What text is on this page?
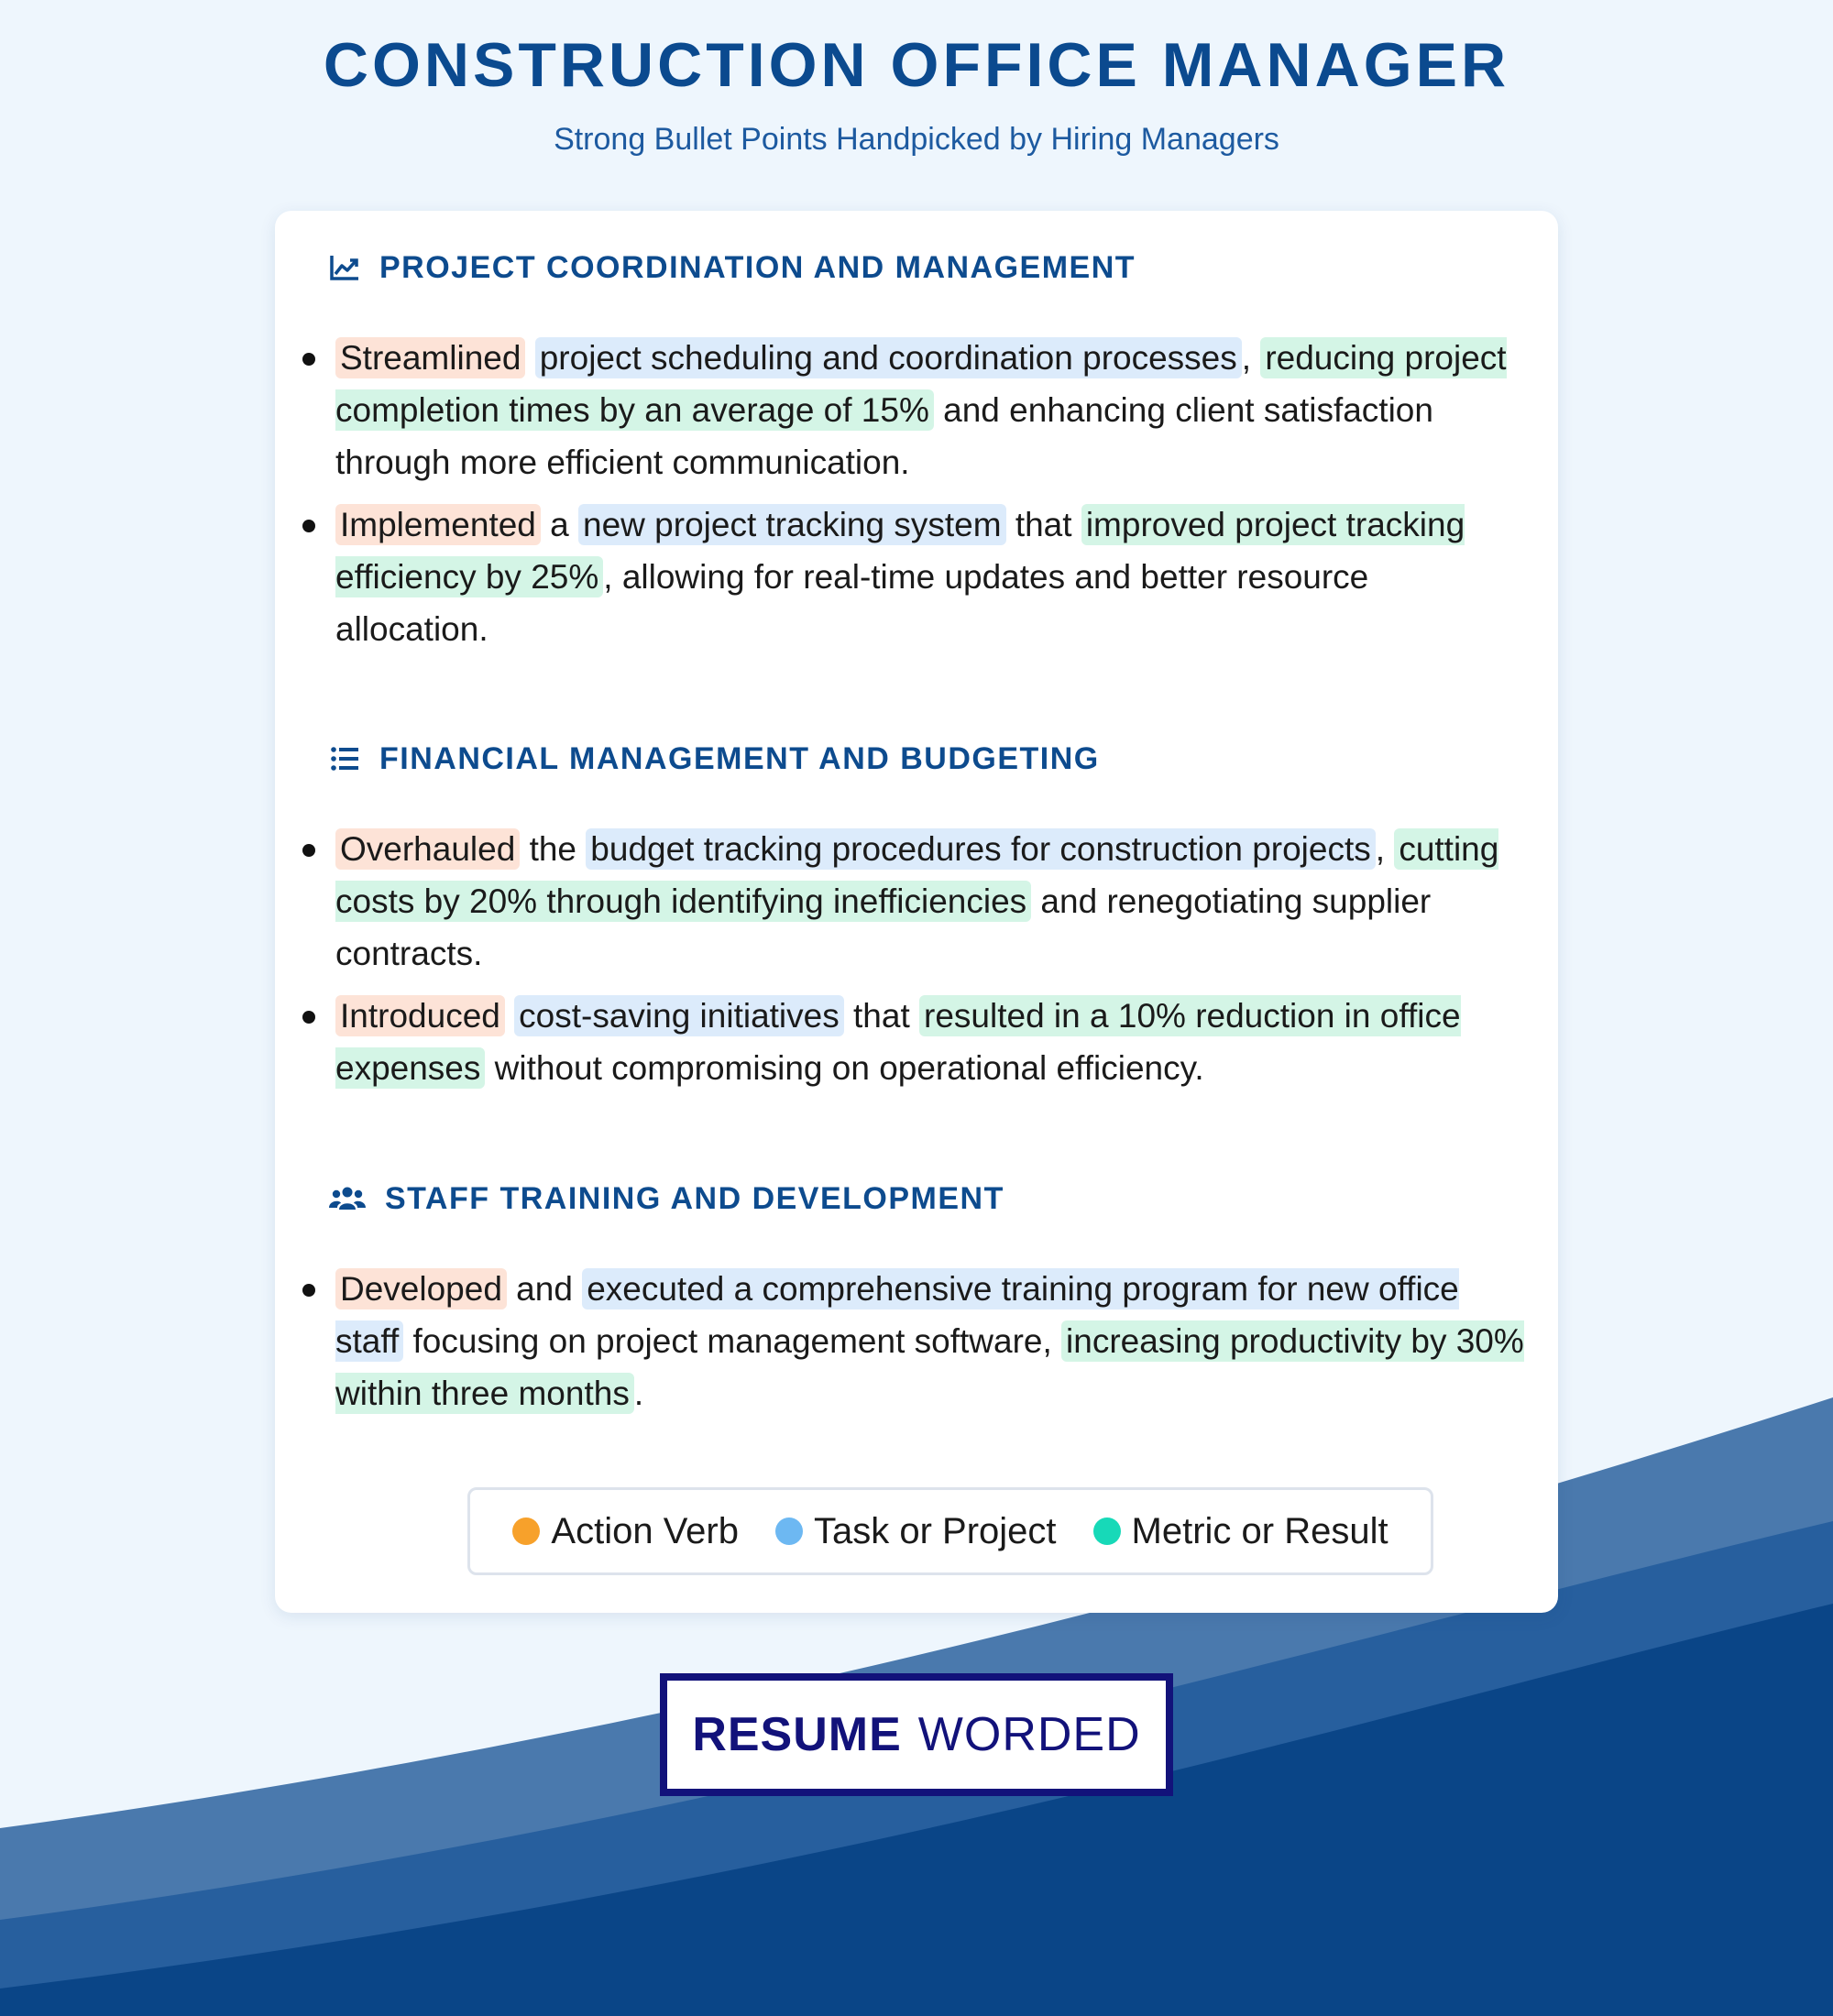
CONSTRUCTION OFFICE MANAGER
Strong Bullet Points Handpicked by Hiring Managers
PROJECT COORDINATION AND MANAGEMENT

Streamlined project scheduling and coordination processes , reducing project completion times by an average of 15% and enhancing client satisfaction through more efficient communication.

Implemented a new project tracking system that improved project tracking efficiency by 25% , allowing for real-time updates and better resource allocation.

FINANCIAL MANAGEMENT AND BUDGETING

Overhauled the budget tracking procedures for construction projects , cutting costs by 20% through identifying inefficiencies and renegotiating supplier contracts.

Introduced cost-saving initiatives that resulted in a 10% reduction in office expenses without compromising on operational efficiency.

STAFF TRAINING AND DEVELOPMENT

Developed and executed a comprehensive training program for new office staff focusing on project management software, increasing productivity by 30% within three months .

Action Verb Task or Project Metric or Result
RESUME WORDED
